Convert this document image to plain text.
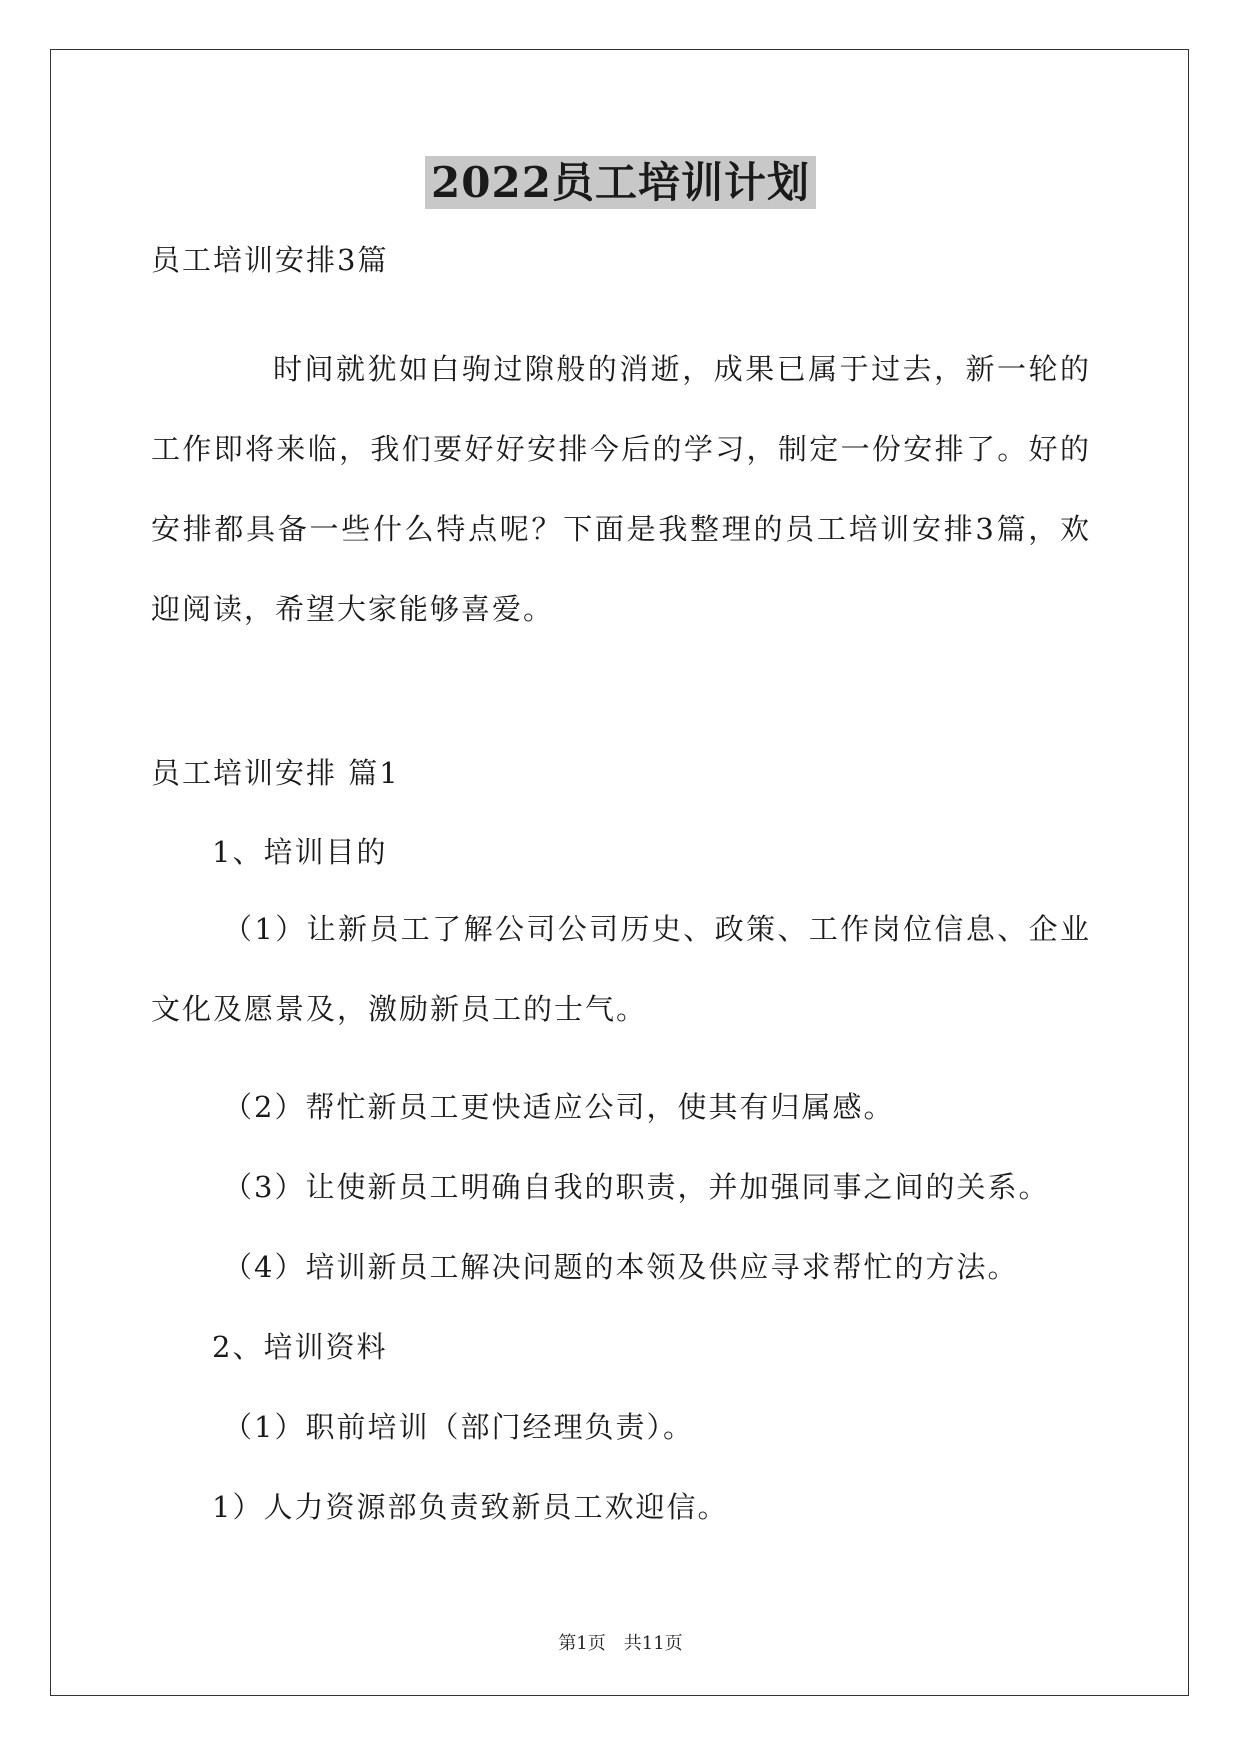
2022员工培训计划
员工培训安排3篇
时间就犹如白驹过隙般的消逝，成果已属于过去，新一轮的工作即将来临，我们要好好安排今后的学习，制定一份安排了。好的安排都具备一些什么特点呢？下面是我整理的员工培训安排3篇，欢迎阅读，希望大家能够喜爱。
员工培训安排 篇1
1、培训目的
（1）让新员工了解公司公司历史、政策、工作岗位信息、企业文化及愿景及，激励新员工的士气。
（2）帮忙新员工更快适应公司，使其有归属感。
（3）让使新员工明确自我的职责，并加强同事之间的关系。
（4）培训新员工解决问题的本领及供应寻求帮忙的方法。
2、培训资料
（1）职前培训（部门经理负责）。
1）人力资源部负责致新员工欢迎信。
第1页　共11页
